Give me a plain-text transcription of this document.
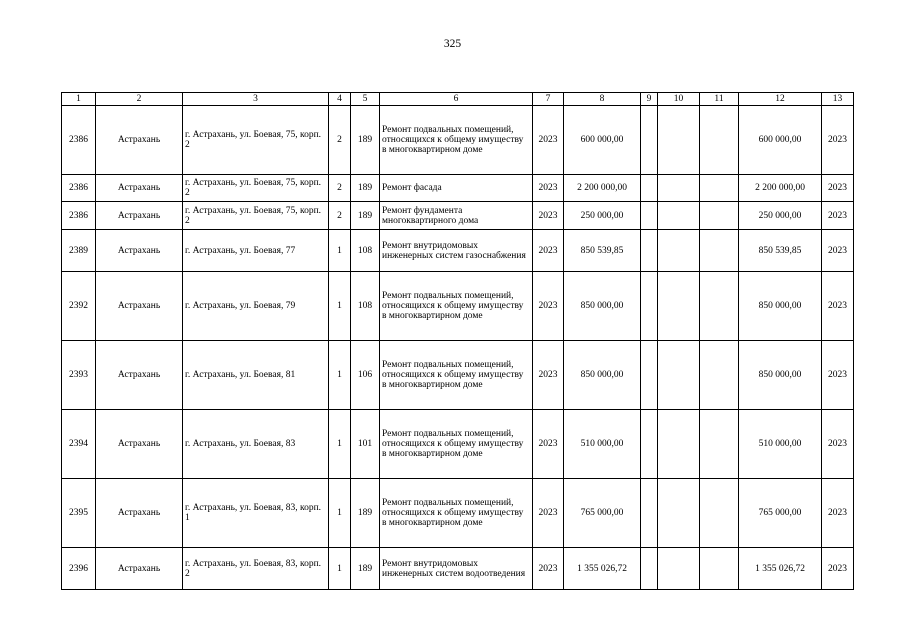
325
1	2	3	4	5	6	7	8	9	10	11	12	13
2386	Астрахань	г. Астрахань, ул. Боевая, 75, корп. 2	2	189	Ремонт подвальных помещений, относящихся к общему имуществу в многоквартирном доме	2023	600 000,00				600 000,00	2023
2386	Астрахань	г. Астрахань, ул. Боевая, 75, корп. 2	2	189	Ремонт фасада	2023	2 200 000,00				2 200 000,00	2023
2386	Астрахань	г. Астрахань, ул. Боевая, 75, корп. 2	2	189	Ремонт фундамента многоквартирного дома	2023	250 000,00				250 000,00	2023
2389	Астрахань	г. Астрахань, ул. Боевая, 77	1	108	Ремонт внутридомовых инженерных систем газоснабжения	2023	850 539,85				850 539,85	2023
2392	Астрахань	г. Астрахань, ул. Боевая, 79	1	108	Ремонт подвальных помещений, относящихся к общему имуществу в многоквартирном доме	2023	850 000,00				850 000,00	2023
2393	Астрахань	г. Астрахань, ул. Боевая, 81	1	106	Ремонт подвальных помещений, относящихся к общему имуществу в многоквартирном доме	2023	850 000,00				850 000,00	2023
2394	Астрахань	г. Астрахань, ул. Боевая, 83	1	101	Ремонт подвальных помещений, относящихся к общему имуществу в многоквартирном доме	2023	510 000,00				510 000,00	2023
2395	Астрахань	г. Астрахань, ул. Боевая, 83, корп. 1	1	189	Ремонт подвальных помещений, относящихся к общему имуществу в многоквартирном доме	2023	765 000,00				765 000,00	2023
2396	Астрахань	г. Астрахань, ул. Боевая, 83, корп. 2	1	189	Ремонт внутридомовых инженерных систем водоотведения	2023	1 355 026,72				1 355 026,72	2023
